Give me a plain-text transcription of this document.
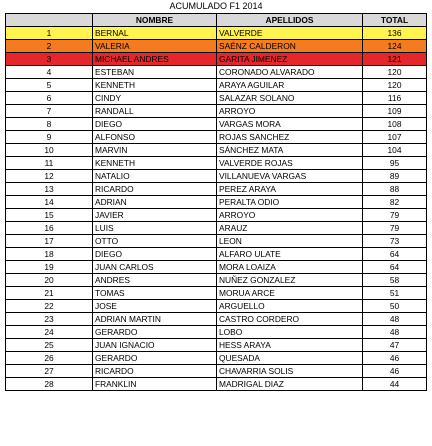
ACUMULADO F1 2014
	NOMBRE	APELLIDOS	TOTAL
1	BERNAL	VALVERDE	136
2	VALERIA	SAÉNZ CALDERON	124
3	MICHAEL ANDRES	GARITA JIMENEZ	121
4	ESTEBAN	CORONADO ALVARADO	120
5	KENNETH	ARAYA AGUILAR	120
6	CINDY	SALAZAR SOLANO	116
7	RANDALL	ARROYO	109
8	DIEGO	VARGAS MORA	108
9	ALFONSO	ROJAS SANCHEZ	107
10	MARVIN	SÁNCHEZ MATA	104
11	KENNETH	VALVERDE ROJAS	95
12	NATALIO	VILLANUEVA VARGAS	89
13	RICARDO	PEREZ ARAYA	88
14	ADRIAN	PERALTA ODIO	82
15	JAVIER	ARROYO	79
16	LUIS	ARAUZ	79
17	OTTO	LEON	73
18	DIEGO	ALFARO ULATE	64
19	JUAN CARLOS	MORA LOAIZA	64
20	ANDRES	NUÑEZ GONZALEZ	58
21	TOMAS	MORUA ARCE	51
22	JOSE	ARGUELLO	50
23	ADRIAN MARTIN	CASTRO CORDERO	48
24	GERARDO	LOBO	48
25	JUAN IGNACIO	HESS ARAYA	47
26	GERARDO	QUESADA	46
27	RICARDO	CHAVARRIA SOLIS	46
28	FRANKLIN	MADRIGAL DIAZ	44
